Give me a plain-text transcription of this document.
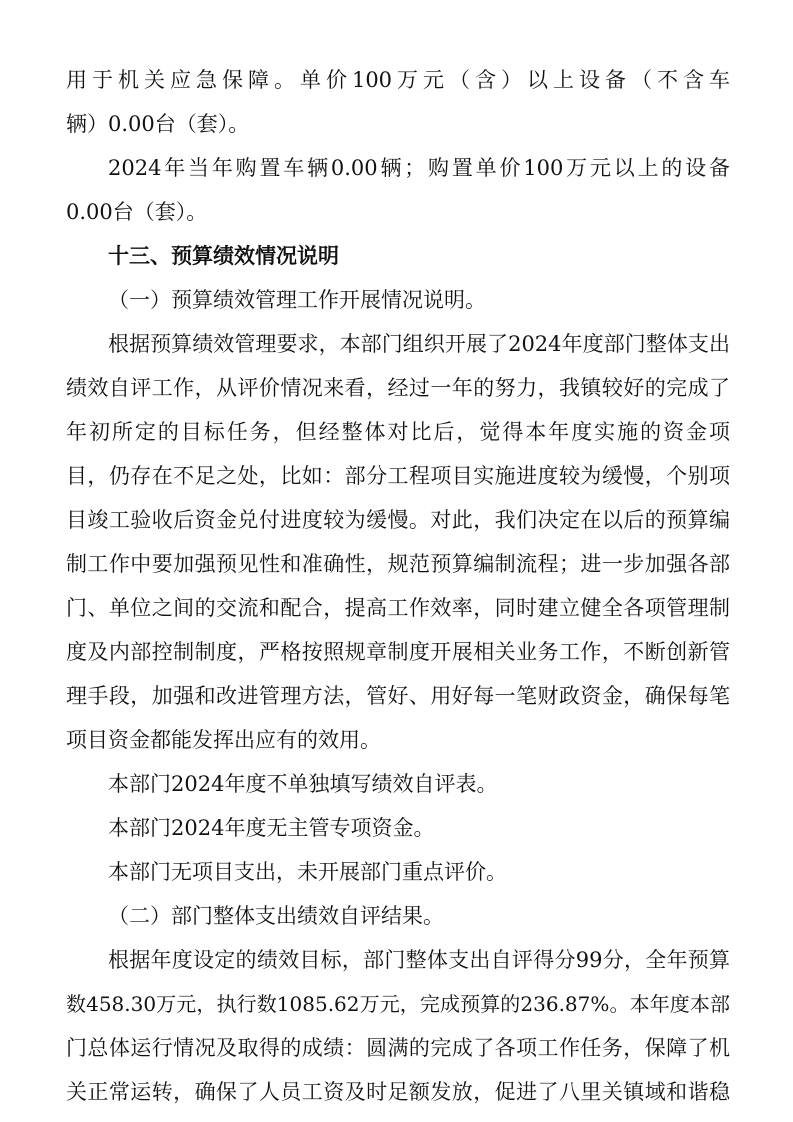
用于机关应急保障。单价100万元（含）以上设备（不含车
辆）0.00台（套）。
2024年当年购置车辆0.00辆；购置单价100万元以上的设备
0.00台（套）。
十三、预算绩效情况说明
（一）预算绩效管理工作开展情况说明。
根据预算绩效管理要求，本部门组织开展了2024年度部门整体支出
绩效自评工作，从评价情况来看，经过一年的努力，我镇较好的完成了
年初所定的目标任务，但经整体对比后，觉得本年度实施的资金项
目，仍存在不足之处，比如：部分工程项目实施进度较为缓慢，个别项
目竣工验收后资金兑付进度较为缓慢。对此，我们决定在以后的预算编
制工作中要加强预见性和准确性，规范预算编制流程；进一步加强各部
门、单位之间的交流和配合，提高工作效率，同时建立健全各项管理制
度及内部控制制度，严格按照规章制度开展相关业务工作，不断创新管
理手段，加强和改进管理方法，管好、用好每一笔财政资金，确保每笔
项目资金都能发挥出应有的效用。
本部门2024年度不单独填写绩效自评表。
本部门2024年度无主管专项资金。
本部门无项目支出，未开展部门重点评价。
（二）部门整体支出绩效自评结果。
根据年度设定的绩效目标，部门整体支出自评得分99分，全年预算
数458.30万元，执行数1085.62万元，完成预算的236.87%。本年度本部
门总体运行情况及取得的成绩：圆满的完成了各项工作任务，保障了机
关正常运转，确保了人员工资及时足额发放，促进了八里关镇域和谐稳
